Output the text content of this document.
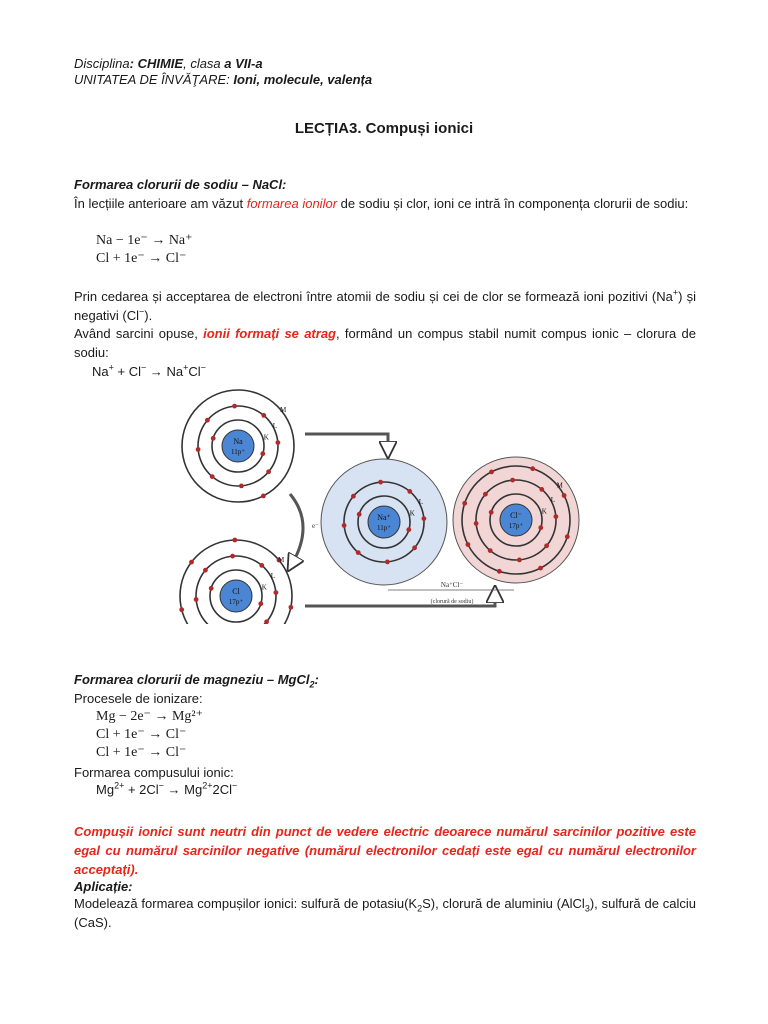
Disciplina: CHIMIE, clasa a VII-a
UNITATEA DE ÎNVĂŢARE: Ioni, molecule, valența
LECȚIA3. Compuși ionici
Formarea clorurii de sodiu – NaCl:
În lecțiile anterioare am văzut formarea ionilor de sodiu și clor, ioni ce intră în componența clorurii de sodiu:
Na − 1e⁻ → Na⁺
Cl + 1e⁻ → Cl⁻
Prin cedarea și acceptarea de electroni între atomii de sodiu și cei de clor se formează ioni pozitivi (Na+) și negativi (Cl−).
Având sarcini opuse, ionii formați se atrag, formând un compus stabil numit compus ionic – clorura de sodiu:
Na+ + Cl− → Na+Cl−
Na
11p⁺
K
L
M
Cl
17p⁺
K
L
M
Na⁺
11p⁺
K
L
Cl⁻
17p⁺
K
L
M
e⁻
Na⁺Cl⁻
(clorură de sodiu)
Formarea clorurii de magneziu – MgCl$_2$:
Procesele de ionizare:
Mg − 2e⁻ → Mg²⁺
Cl + 1e⁻ → Cl⁻
Cl + 1e⁻ → Cl⁻
Formarea compusului ionic:
$Mg^{2+} + 2Cl^- \to Mg^{2+}2Cl^-$
Compușii ionici sunt neutri din punct de vedere electric deoarece numărul sarcinilor pozitive este egal cu numărul sarcinilor negative (numărul electronilor cedați este egal cu numărul electronilor acceptați).
Aplicație:
Modelează formarea compușilor ionici: sulfură de $potasiu(K_2S)$, clorură de aluminiu (AlCl$_3$), sulfură de calciu (CaS).
